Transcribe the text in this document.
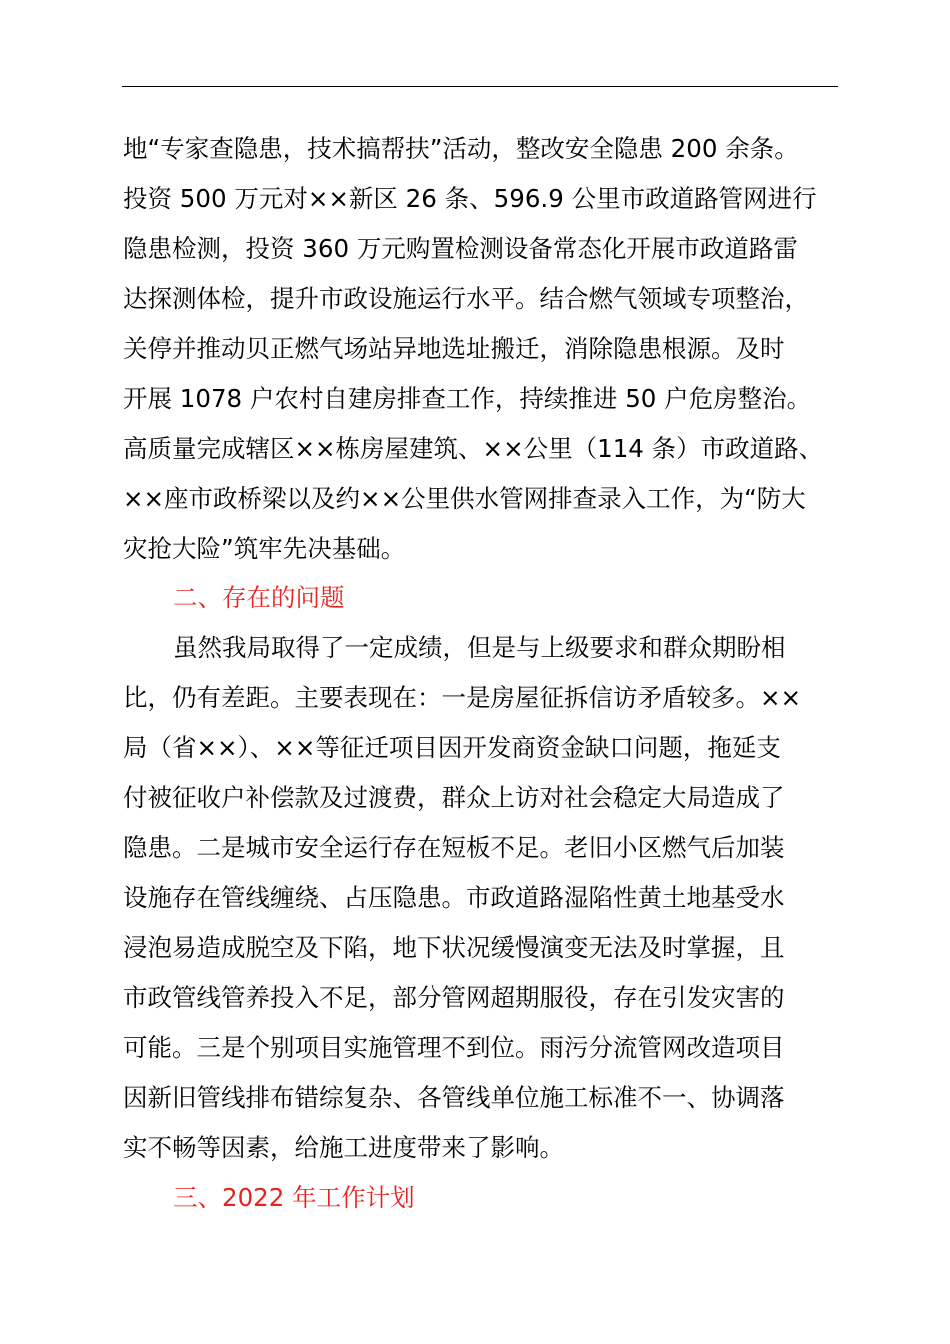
地“专家查隐患，技术搞帮扶”活动，整改安全隐患 200 余条。
投资 500 万元对××新区 26 条、596.9 公里市政道路管网进行
隐患检测，投资 360 万元购置检测设备常态化开展市政道路雷
达探测体检，提升市政设施运行水平。结合燃气领域专项整治，
关停并推动贝正燃气场站异地选址搬迁，消除隐患根源。及时
开展 1078 户农村自建房排查工作，持续推进 50 户危房整治。
高质量完成辖区××栋房屋建筑、××公里（114 条）市政道路、
××座市政桥梁以及约××公里供水管网排查录入工作，为“防大
灾抢大险”筑牢先决基础。
二、存在的问题
虽然我局取得了一定成绩，但是与上级要求和群众期盼相
比，仍有差距。主要表现在：一是房屋征拆信访矛盾较多。××
局（省××）、××等征迁项目因开发商资金缺口问题，拖延支
付被征收户补偿款及过渡费，群众上访对社会稳定大局造成了
隐患。二是城市安全运行存在短板不足。老旧小区燃气后加装
设施存在管线缠绕、占压隐患。市政道路湿陷性黄土地基受水
浸泡易造成脱空及下陷，地下状况缓慢演变无法及时掌握，且
市政管线管养投入不足，部分管网超期服役，存在引发灾害的
可能。三是个别项目实施管理不到位。雨污分流管网改造项目
因新旧管线排布错综复杂、各管线单位施工标准不一、协调落
实不畅等因素，给施工进度带来了影响。
三、2022 年工作计划
